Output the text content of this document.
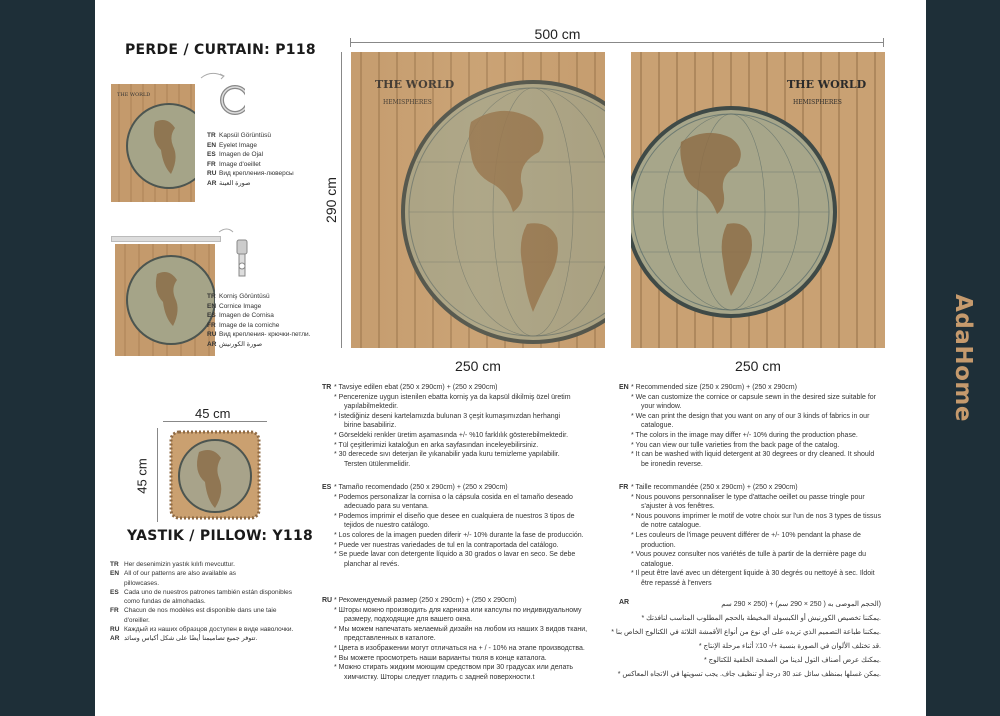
PERDE / CURTAIN: P118
THE WORLD
TR Kapsül Görüntüsü
EN Eyelet Image
ES Imagen de Ojal
FR Image d'oeillet
RU Вид крепления-люверсы
AR صورة العينة
TR Korniş Görüntüsü
EN Cornice Image
ES Imagen de Cornisa
FR Image de la corniche
RU Вид крепления- крючки-петли.
AR صورة الكورنيش
45 cm
45 cm
YASTIK / PILLOW: Y118
TR Her desenimizin yastık kılıfı mevcuttur.
EN All of our patterns are also available as
pillowcases.
ES Cada uno de nuestros patrones también están disponibles
como fundas de almohadas.
FR Chacun de nos modèles est disponible dans une taie
d'oreiller.
RU Каждый из наших образцов доступен в виде наволочки.
AR تتوفر جميع تصاميمنا أيضًا على شكل أكياس وسائد.
500 cm
290 cm
THE WORLD
HEMISPHERES
250 cm
THE WORLD
HEMISPHERES
250 cm
TR * Tavsiye edilen ebat (250 x 290cm) + (250 x 290cm)
* Pencerenize uygun istenilen ebatta korniş ya da kapsül dikilmiş özel üretim
yapılabilmektedir.
* İstediğiniz deseni kartelamızda bulunan 3 çeşit kumaşımızdan herhangi
birine basabiliriz.
* Görseldeki renkler üretim aşamasında +/- %10 farklılık gösterebilmektedir.
* Tül çeşitlerimizi kataloğun en arka sayfasından inceleyebilirsiniz.
* 30 derecede sıvı deterjan ile yıkanabilir yada kuru temizleme yapılabilir.
Tersten ütülenmelidir.
EN * Recommended size (250 x 290cm) + (250 x 290cm)
* We can customize the cornice or capsule sewn in the desired size suitable for
your window.
* We can print the design that you want on any of our 3 kinds of fabrics in our
catalogue.
* The colors in the image may differ +/- 10% during the production phase.
* You can view our tulle varieties from the back page of the catalog.
* It can be washed with liquid detergent at 30 degrees or dry cleaned. It should
be ironedin reverse.
ES * Tamaño recomendado (250 x 290cm) + (250 x 290cm)
* Podemos personalizar la cornisa o la cápsula cosida en el tamaño deseado
adecuado para su ventana.
* Podemos imprimir el diseño que desee en cualquiera de nuestros 3 tipos de
tejidos de nuestro catálogo.
* Los colores de la imagen pueden diferir +/- 10% durante la fase de producción.
* Puede ver nuestras variedades de tul en la contraportada del catálogo.
* Se puede lavar con detergente líquido a 30 grados o lavar en seco. Se debe
planchar al revés.
FR * Taille recommandée (250 x 290cm) + (250 x 290cm)
* Nous pouvons personnaliser le type d'attache oeillet ou passe tringle pour
s'ajuster à vos fenêtres.
* Nous pouvons imprimer le motif de votre choix sur l'un de nos 3 types de tissus
de notre catalogue.
* Les couleurs de l'image peuvent différer de +/- 10% pendant la phase de
production.
* Vous pouvez consulter nos variétés de tulle à partir de la dernière page du
catalogue.
* Il peut être lavé avec un détergent liquide à 30 degrés ou nettoyé à sec. Ildoit
être repassé à l'envers
RU * Рекомендуемый размер (250 x 290cm) + (250 x 290cm)
* Шторы можно производить для карниза или капсулы по индивидуальному
размеру, подходящие для вашего окна.
* Мы можем напечатать желаемый дизайн на любом из наших 3 видов ткани,
представленных в каталоге.
* Цвета в изображении могут отличаться на + / - 10% на этапе производства.
* Вы можете просмотреть наши варианты тюля в конце каталога.
* Можно стирать жидким моющим средством при 30 градусах или делать
химчистку. Шторы следует гладить с задней поверхности.t
AR	(الحجم الموصى به ( 250 × 290 سم) + (250 × 290 سم
.يمكننا تخصيص الكورنيش أو الكبسولة المخيطة بالحجم المطلوب المناسب لنافذتك *
.يمكننا طباعة التصميم الذي تريده على أي نوع من أنواع الأقمشة الثلاثة في الكتالوج الخاص بنا *
.قد تختلف الألوان في الصورة بنسبة +/- 10٪ أثناء مرحلة الإنتاج *
.يمكنك عرض أصناف التول لدينا من الصفحة الخلفية للكتالوج *
.يمكن غسلها بمنظف سائل عند 30 درجة أو تنظيف جاف. يجب تسويتها في الاتجاه المعاكس *
AdaHome
